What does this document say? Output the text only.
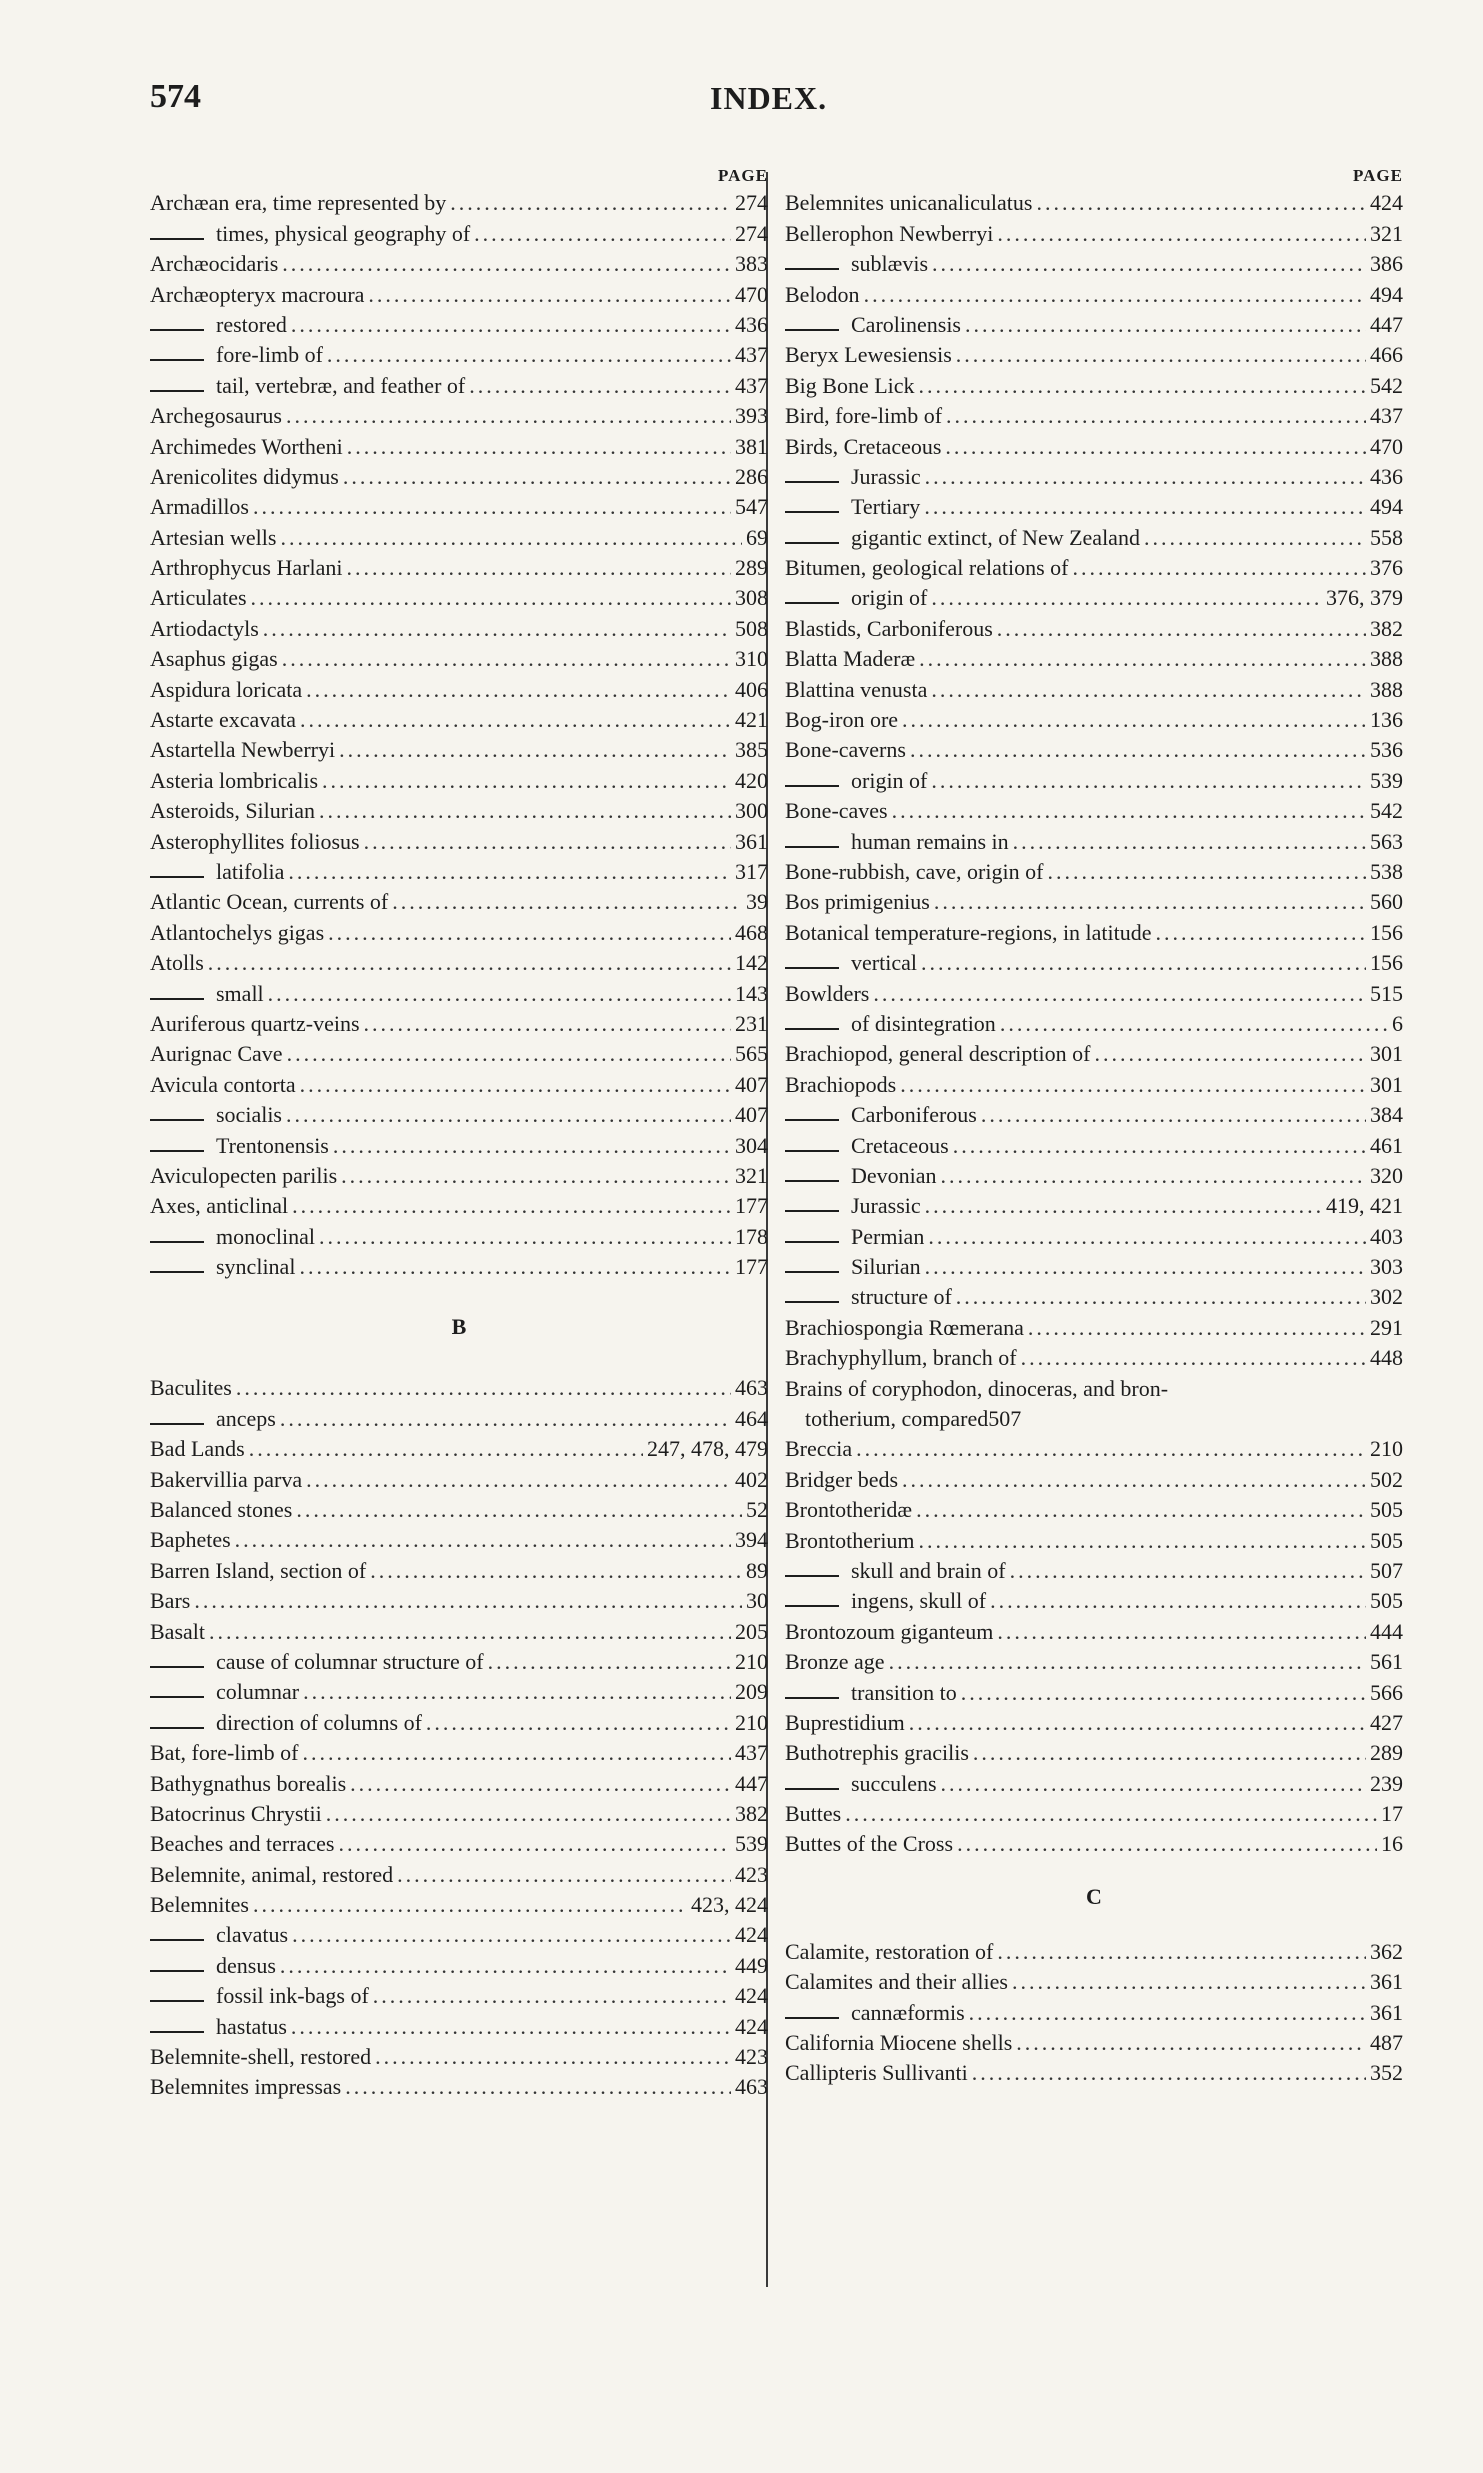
574	INDEX.
PAGE
Archæan era, time represented by .....	274
times, physical geography of .....	274
Archæocidaris .....	383
Archæopteryx macroura .....	470
restored .....	436
fore-limb of .....	437
tail, vertebræ, and feather of .....	437
Archegosaurus .....	393
Archimedes Wortheni .....	381
Arenicolites didymus .....	286
Armadillos .....	547
Artesian wells .....	69
Arthrophycus Harlani .....	289
Articulates .....	308
Artiodactyls .....	508
Asaphus gigas .....	310
Aspidura loricata .....	406
Astarte excavata .....	421
Astartella Newberryi .....	385
Asteria lombricalis .....	420
Asteroids, Silurian .....	300
Asterophyllites foliosus .....	361
latifolia .....	317
Atlantic Ocean, currents of .....	39
Atlantochelys gigas .....	468
Atolls .....	142
small .....	143
Auriferous quartz-veins .....	231
Aurignac Cave .....	565
Avicula contorta .....	407
socialis .....	407
Trentonensis .....	304
Aviculopecten parilis .....	321
Axes, anticlinal .....	177
monoclinal .....	178
synclinal .....	177
B
Baculites .....	463
anceps .....	464
Bad Lands .....	247, 478, 479
Bakervillia parva .....	402
Balanced stones .....	52
Baphetes .....	394
Barren Island, section of .....	89
Bars .....	30
Basalt .....	205
cause of columnar structure of .....	210
columnar .....	209
direction of columns of .....	210
Bat, fore-limb of .....	437
Bathygnathus borealis .....	447
Batocrinus Chrystii .....	382
Beaches and terraces .....	539
Belemnite, animal, restored .....	423
Belemnites .....	423, 424
clavatus .....	424
densus .....	449
fossil ink-bags of .....	424
hastatus .....	424
Belemnite-shell, restored .....	423
Belemnites impressas .....	463
PAGE
Belemnites unicanaliculatus .....	424
Bellerophon Newberryi .....	321
sublævis .....	386
Belodon .....	494
Carolinensis .....	447
Beryx Lewesiensis .....	466
Big Bone Lick .....	542
Bird, fore-limb of .....	437
Birds, Cretaceous .....	470
Jurassic .....	436
Tertiary .....	494
gigantic extinct, of New Zealand .....	558
Bitumen, geological relations of .....	376
origin of .....	376, 379
Blastids, Carboniferous .....	382
Blatta Maderæ .....	388
Blattina venusta .....	388
Bog-iron ore .....	136
Bone-caverns .....	536
origin of .....	539
Bone-caves .....	542
human remains in .....	563
Bone-rubbish, cave, origin of .....	538
Bos primigenius .....	560
Botanical temperature-regions, in latitude .....	156
vertical .....	156
Bowlders .....	515
of disintegration .....	6
Brachiopod, general description of .....	301
Brachiopods .....	301
Carboniferous .....	384
Cretaceous .....	461
Devonian .....	320
Jurassic .....	419, 421
Permian .....	403
Silurian .....	303
structure of .....	302
Brachiospongia Rœmerana .....	291
Brachyphyllum, branch of .....	448
Brains of coryphodon, dinoceras, and bron-
totherium, compared 507
Breccia .....	210
Bridger beds .....	502
Brontotheridæ .....	505
Brontotherium .....	505
skull and brain of .....	507
ingens, skull of .....	505
Brontozoum giganteum .....	444
Bronze age .....	561
transition to .....	566
Buprestidium .....	427
Buthotrephis gracilis .....	289
succulens .....	239
Buttes .....	17
Buttes of the Cross .....	16
C
Calamite, restoration of .....	362
Calamites and their allies .....	361
cannæformis .....	361
California Miocene shells .....	487
Callipteris Sullivanti .....	352
